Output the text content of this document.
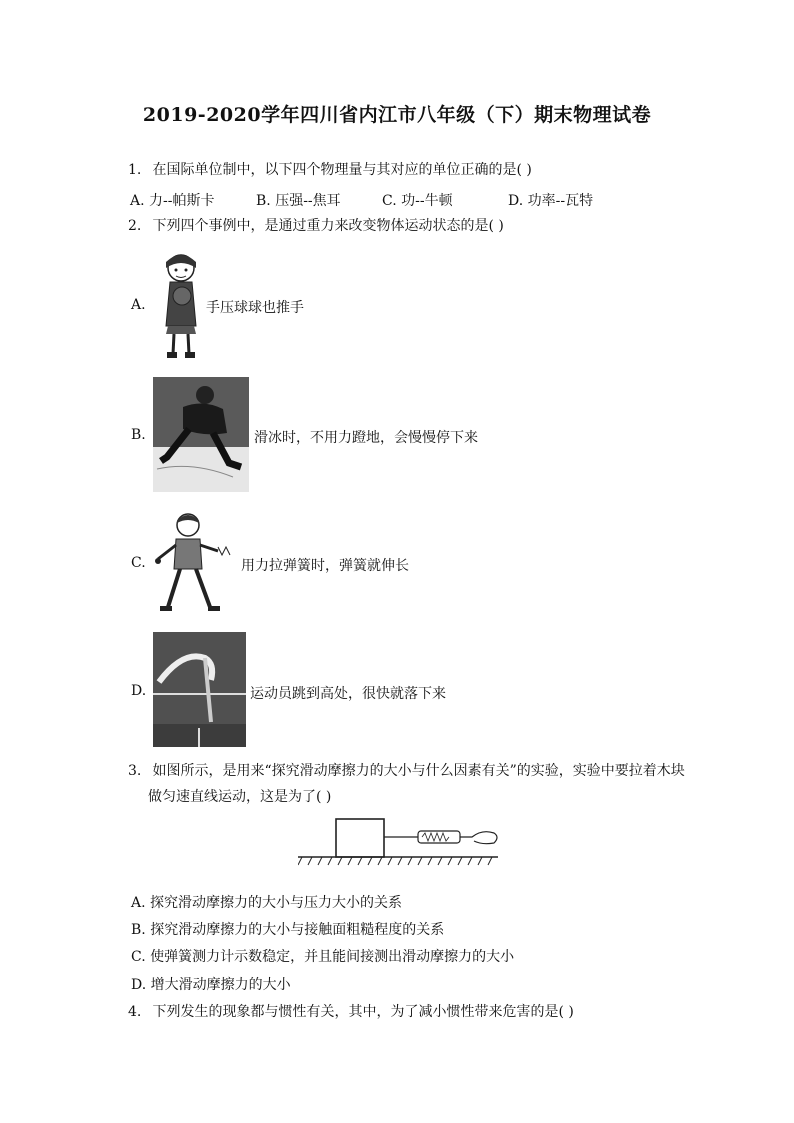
2019-2020学年四川省内江市八年级（下）期末物理试卷
1. 在国际单位制中，以下四个物理量与其对应的单位正确的是( )
A. 力--帕斯卡	B. 压强--焦耳	C. 功--牛顿	D. 功率--瓦特
2. 下列四个事例中，是通过重力来改变物体运动状态的是( )
A.	手压球球也推手
B.	滑冰时，不用力蹬地，会慢慢停下来
C.	用力拉弹簧时，弹簧就伸长
D.	运动员跳到高处，很快就落下来
3. 如图所示，是用来“探究滑动摩擦力的大小与什么因素有关”的实验，实验中要拉着木块
做匀速直线运动，这是为了( )
A. 探究滑动摩擦力的大小与压力大小的关系
B. 探究滑动摩擦力的大小与接触面粗糙程度的关系
C. 使弹簧测力计示数稳定，并且能间接测出滑动摩擦力的大小
D. 增大滑动摩擦力的大小
4. 下列发生的现象都与惯性有关，其中，为了减小惯性带来危害的是( )
